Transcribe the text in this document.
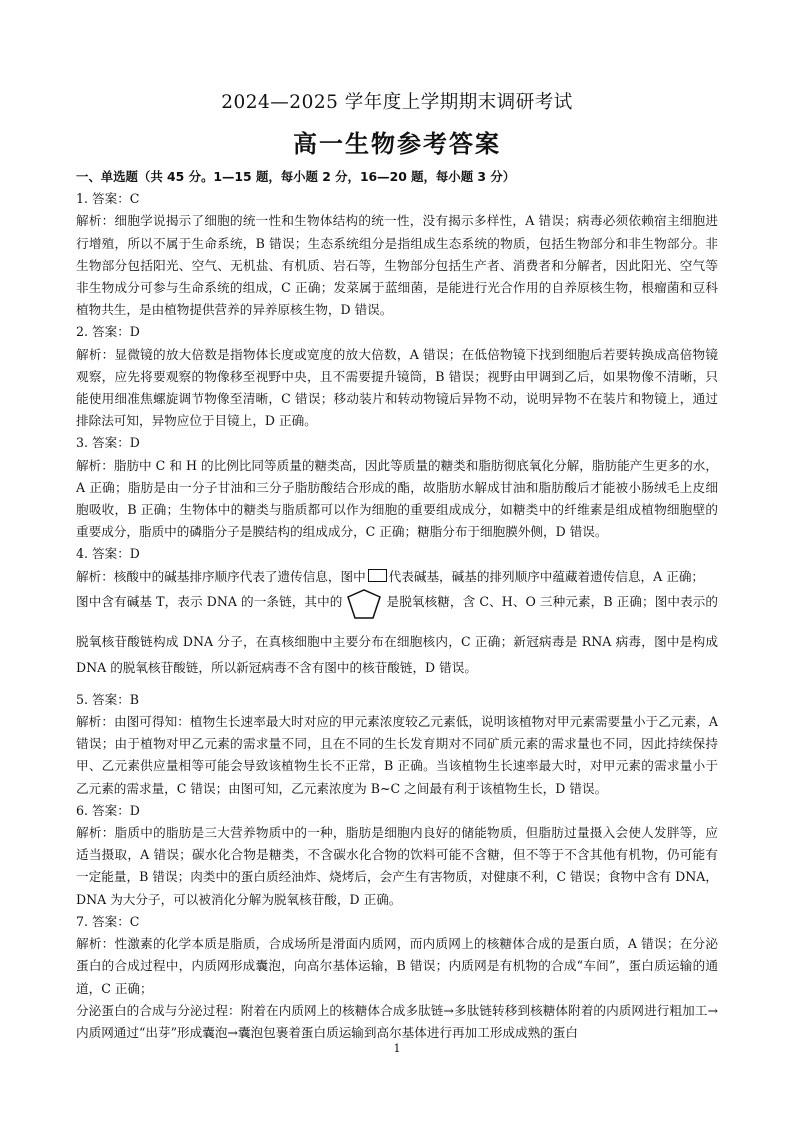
2024—2025 学年度上学期期末调研考试
高一生物参考答案
一、单选题（共 45 分。1—15 题，每小题 2 分，16—20 题，每小题 3 分）
1. 答案：C
解析：细胞学说揭示了细胞的统一性和生物体结构的统一性，没有揭示多样性，A 错误；病毒必须依赖宿主细胞进行增殖，所以不属于生命系统，B 错误；生态系统组分是指组成生态系统的物质，包括生物部分和非生物部分。非生物部分包括阳光、空气、无机盐、有机质、岩石等，生物部分包括生产者、消费者和分解者，因此阳光、空气等非生物成分可参与生命系统的组成，C 正确；发菜属于蓝细菌，是能进行光合作用的自养原核生物，根瘤菌和豆科植物共生，是由植物提供营养的异养原核生物，D 错误。
2. 答案：D
解析：显微镜的放大倍数是指物体长度或宽度的放大倍数，A 错误；在低倍物镜下找到细胞后若要转换成高倍物镜观察，应先将要观察的物像移至视野中央，且不需要提升镜筒，B 错误；视野由甲调到乙后，如果物像不清晰，只能使用细准焦螺旋调节物像至清晰，C 错误；移动装片和转动物镜后异物不动，说明异物不在装片和物镜上，通过排除法可知，异物应位于目镜上，D 正确。
3. 答案：D
解析：脂肪中 C 和 H 的比例比同等质量的糖类高，因此等质量的糖类和脂肪彻底氧化分解，脂肪能产生更多的水，A 正确；脂肪是由一分子甘油和三分子脂肪酸结合形成的酯，故脂肪水解成甘油和脂肪酸后才能被小肠绒毛上皮细胞吸收，B 正确；生物体中的糖类与脂质都可以作为细胞的重要组成成分，如糖类中的纤维素是组成植物细胞壁的重要成分，脂质中的磷脂分子是膜结构的组成成分，C 正确；糖脂分布于细胞膜外侧，D 错误。
4. 答案：D
解析：核酸中的碱基排序顺序代表了遗传信息，图中 代表碱基，碱基的排列顺序中蕴藏着遗传信息，A 正确；
图中含有碱基 T，表示 DNA 的一条链，其中的	是脱氧核糖，含 C、H、O 三种元素，B 正确；图中表示的脱氧核苷酸链构成 DNA 分子，在真核细胞中主要分布在细胞核内，C 正确；新冠病毒是 RNA 病毒，图中是构成 DNA 的脱氧核苷酸链，所以新冠病毒不含有图中的核苷酸链，D 错误。
5. 答案：B
解析：由图可得知：植物生长速率最大时对应的甲元素浓度较乙元素低，说明该植物对甲元素需要量小于乙元素，A 错误；由于植物对甲乙元素的需求量不同，且在不同的生长发育期对不同矿质元素的需求量也不同，因此持续保持甲、乙元素供应量相等可能会导致该植物生长不正常，B 正确。当该植物生长速率最大时，对甲元素的需求量小于乙元素的需求量，C 错误；由图可知，乙元素浓度为 B~C 之间最有利于该植物生长，D 错误。
6. 答案：D
解析：脂质中的脂肪是三大营养物质中的一种，脂肪是细胞内良好的储能物质，但脂肪过量摄入会使人发胖等，应适当摄取，A 错误；碳水化合物是糖类，不含碳水化合物的饮料可能不含糖，但不等于不含其他有机物，仍可能有一定能量，B 错误；肉类中的蛋白质经油炸、烧烤后，会产生有害物质，对健康不利，C 错误；食物中含有 DNA，DNA 为大分子，可以被消化分解为脱氧核苷酸，D 正确。
7. 答案：C
解析：性激素的化学本质是脂质，合成场所是滑面内质网，而内质网上的核糖体合成的是蛋白质，A 错误；在分泌蛋白的合成过程中，内质网形成囊泡，向高尔基体运输，B 错误；内质网是有机物的合成“车间”，蛋白质运输的通道，C 正确；
分泌蛋白的合成与分泌过程：附着在内质网上的核糖体合成多肽链→多肽链转移到核糖体附着的内质网进行粗加工→内质网通过“出芽”形成囊泡→囊泡包裹着蛋白质运输到高尔基体进行再加工形成成熟的蛋白
1
